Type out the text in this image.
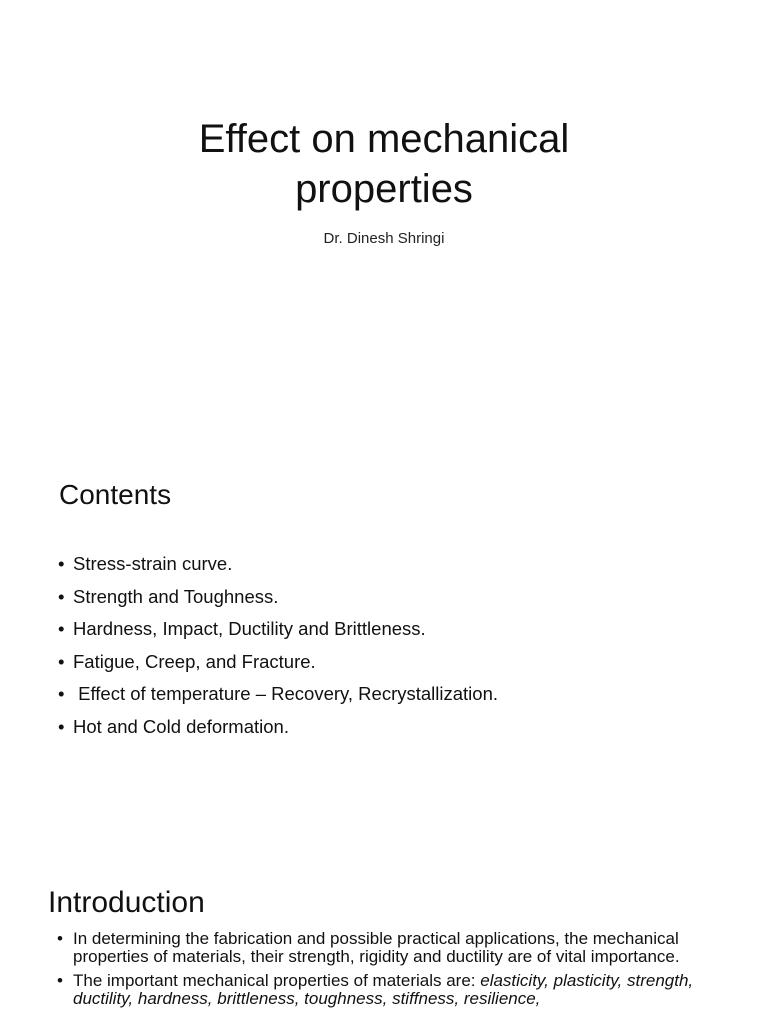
Effect on mechanical
properties
Dr. Dinesh Shringi
Contents
• Stress-strain curve.
• Strength and Toughness.
• Hardness, Impact, Ductility and Brittleness.
• Fatigue, Creep, and Fracture.
•  Effect of temperature – Recovery, Recrystallization.
• Hot and Cold deformation.
Introduction
• In determining the fabrication and possible practical applications, the mechanical properties of materials, their strength, rigidity and ductility are of vital importance.
• The important mechanical properties of materials are: elasticity, plasticity, strength, ductility, hardness, brittleness, toughness, stiffness, resilience,
